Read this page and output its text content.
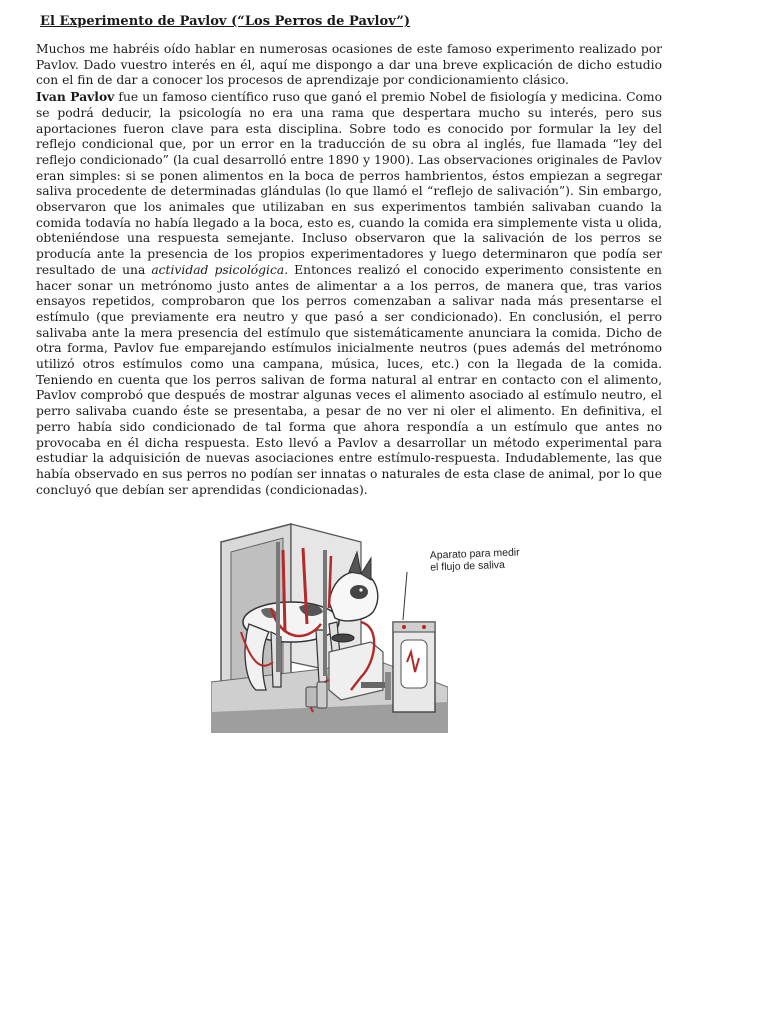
El Experimento de Pavlov (“Los Perros de Pavlov”)

Muchos me habréis oído hablar en numerosas ocasiones de este famoso experimento realizado por Pavlov. Dado vuestro interés en él, aquí me dispongo a dar una breve explicación de dicho estudio con el fin de dar a conocer los procesos de aprendizaje por condicionamiento clásico.

Ivan Pavlov fue un famoso científico ruso que ganó el premio Nobel de fisiología y medicina. Como se podrá deducir, la psicología no era una rama que despertara mucho su interés, pero sus aportaciones fueron clave para esta disciplina. Sobre todo es conocido por formular la ley del reflejo condicional que, por un error en la traducción de su obra al inglés, fue llamada “ley del reflejo condicionado” (la cual desarrolló entre 1890 y 1900). Las observaciones originales de Pavlov eran simples: si se ponen alimentos en la boca de perros hambrientos, éstos empiezan a segregar saliva procedente de determinadas glándulas (lo que llamó el “reflejo de salivación”). Sin embargo, observaron que los animales que utilizaban en sus experimentos también salivaban cuando la comida todavía no había llegado a la boca, esto es, cuando la comida era simplemente vista u olida, obteniéndose una respuesta semejante. Incluso observaron que la salivación de los perros se producía ante la presencia de los propios experimentadores y luego determinaron que podía ser resultado de una actividad psicológica. Entonces realizó el conocido experimento consistente en hacer sonar un metrónomo justo antes de alimentar a a los perros, de manera que, tras varios ensayos repetidos, comprobaron que los perros comenzaban a salivar nada más presentarse el estímulo (que previamente era neutro y que pasó a ser condicionado). En conclusión, el perro salivaba ante la mera presencia del estímulo que sistemáticamente anunciara la comida. Dicho de otra forma, Pavlov fue emparejando estímulos inicialmente neutros (pues además del metrónomo utilizó otros estímulos como una campana, música, luces, etc.) con la llegada de la comida. Teniendo en cuenta que los perros salivan de forma natural al entrar en contacto con el alimento, Pavlov comprobó que después de mostrar algunas veces el alimento asociado al estímulo neutro, el perro salivaba cuando éste se presentaba, a pesar de no ver ni oler el alimento. En definitiva, el perro había sido condicionado de tal forma que ahora respondía a un estímulo que antes no provocaba en él dicha respuesta. Esto llevó a Pavlov a desarrollar un método experimental para estudiar la adquisición de nuevas asociaciones entre estímulo-respuesta. Indudablemente, las que había observado en sus perros no podían ser innatas o naturales de esta clase de animal, por lo que concluyó que debían ser aprendidas (condicionadas).

Aparato para medir el flujo de saliva
